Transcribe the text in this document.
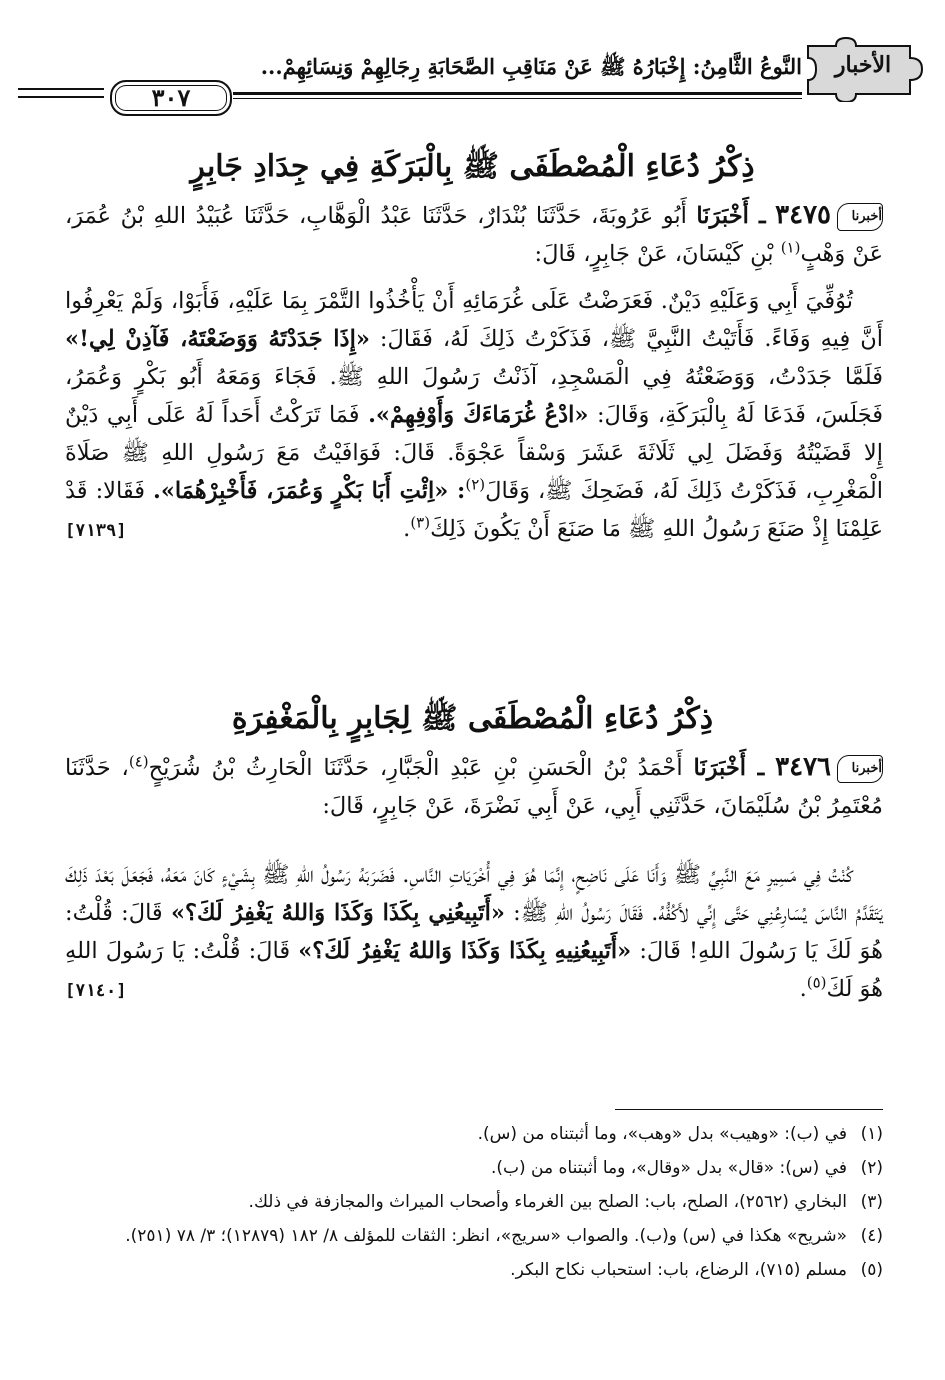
الأخبار
النَّوعُ الثَّامِنُ: إِخْبَارُهُ ﷺ عَنْ مَنَاقِبِ الصَّحَابَةِ رِجَالِهِمْ وَنِسَائِهِمْ...
٣٠٧
ذِكْرُ دُعَاءِ الْمُصْطَفَى ﷺ بِالْبَرَكَةِ فِي جِدَادِ جَابِرٍ
أخبرنا٣٤٧٥ ـ أَخْبَرَنَا أَبُو عَرُوبَةَ، حَدَّثَنَا بُنْدَارٌ، حَدَّثَنَا عَبْدُ الْوَهَّابِ، حَدَّثَنَا عُبَيْدُ اللهِ بْنُ عُمَرَ، عَنْ وَهْبٍ$^{(١)}$ بْنِ كَيْسَانَ، عَنْ جَابِرٍ، قَالَ:
تُوُفِّيَ أَبِي وَعَلَيْهِ دَيْنٌ. فَعَرَضْتُ عَلَى غُرَمَائِهِ أَنْ يَأْخُذُوا التَّمْرَ بِمَا عَلَيْهِ، فَأَبَوْا، وَلَمْ يَعْرِفُوا أَنَّ فِيهِ وَفَاءً. فَأَتَيْتُ النَّبِيَّ ﷺ، فَذَكَرْتُ ذَلِكَ لَهُ، فَقَالَ: «إِذَا جَدَدْتَهُ وَوَضَعْتَهُ، فَآذِنْ لِي!» فَلَمَّا جَدَدْتُ، وَوَضَعْتُهُ فِي الْمَسْجِدِ، آذَنْتُ رَسُولَ اللهِ ﷺ. فَجَاءَ وَمَعَهُ أَبُو بَكْرٍ وَعُمَرُ، فَجَلَسَ، فَدَعَا لَهُ بِالْبَرَكَةِ، وَقَالَ: «ادْعُ غُرَمَاءَكَ وَأَوْفِهِمْ». فَمَا تَرَكْتُ أَحَداً لَهُ عَلَى أَبِي دَيْنٌ إِلا قَضَيْتُهُ وَفَضَلَ لِي ثَلَاثَةَ عَشَرَ وَسْقاً عَجْوَةً. قَالَ: فَوَافَيْتُ مَعَ رَسُولِ اللهِ ﷺ صَلَاةَ الْمَغْرِبِ، فَذَكَرْتُ ذَلِكَ لَهُ، فَضَحِكَ ﷺ، وَقَالَ$^{(٢)}$: «اِئْتِ أَبَا بَكْرٍ وَعُمَرَ، فَأَخْبِرْهُمَا». فَقَالا: قَدْ عَلِمْنَا إِذْ صَنَعَ رَسُولُ اللهِ ﷺ مَا صَنَعَ أَنْ يَكُونَ ذَلِكَ$^{(٣)}$.
[٧١٣٩]
ذِكْرُ دُعَاءِ الْمُصْطَفَى ﷺ لِجَابِرٍ بِالْمَغْفِرَةِ
أخبرنا٣٤٧٦ ـ أَخْبَرَنَا أَحْمَدُ بْنُ الْحَسَنِ بْنِ عَبْدِ الْجَبَّارِ، حَدَّثَنَا الْحَارِثُ بْنُ شُرَيْحٍ$^{(٤)}$، حَدَّثَنَا مُعْتَمِرُ بْنُ سُلَيْمَانَ، حَدَّثَنِي أَبِي، عَنْ أَبِي نَضْرَةَ، عَنْ جَابِرٍ، قَالَ:
كُنْتُ فِي مَسِيرٍ مَعَ النَّبِيِّ ﷺ وَأَنَا عَلَى نَاضِحٍ، إِنَّمَا هُوَ فِي أُخْرَيَاتِ النَّاسِ. فَضَرَبَهُ رَسُولُ اللهِ ﷺ بِشَيْءٍ كَانَ مَعَهُ، فَجَعَلَ بَعْدَ ذَلِكَ يَتَقَدَّمُ النَّاسَ يُسَارِعُنِي حَتَّى إِنِّي لأَكُفُّهُ. فَقَالَ رَسُولُ اللهِ ﷺ: «أَتَبِيعُنِي بِكَذَا وَكَذَا وَاللهُ يَغْفِرُ لَكَ؟» قَالَ: قُلْتُ: هُوَ لَكَ يَا رَسُولَ اللهِ! قَالَ: «أَتَبِيعُنِيهِ بِكَذَا وَكَذَا وَاللهُ يَغْفِرُ لَكَ؟» قَالَ: قُلْتُ: يَا رَسُولَ اللهِ هُوَ لَكَ$^{(٥)}$.
[٧١٤٠]
(١)
في (ب): «وهيب» بدل «وهب»، وما أثبتناه من (س).
(٢)
في (س): «قال» بدل «وقال»، وما أثبتناه من (ب).
(٣)
البخاري (٢٥٦٢)، الصلح، باب: الصلح بين الغرماء وأصحاب الميراث والمجازفة في ذلك.
(٤)
«شريح» هكذا في (س) و(ب). والصواب «سريج»، انظر: الثقات للمؤلف ٨/ ١٨٢ (١٢٨٧٩)؛ ٣/ ٧٨ (٢٥١).
(٥)
مسلم (٧١٥)، الرضاع، باب: استحباب نكاح البكر.
